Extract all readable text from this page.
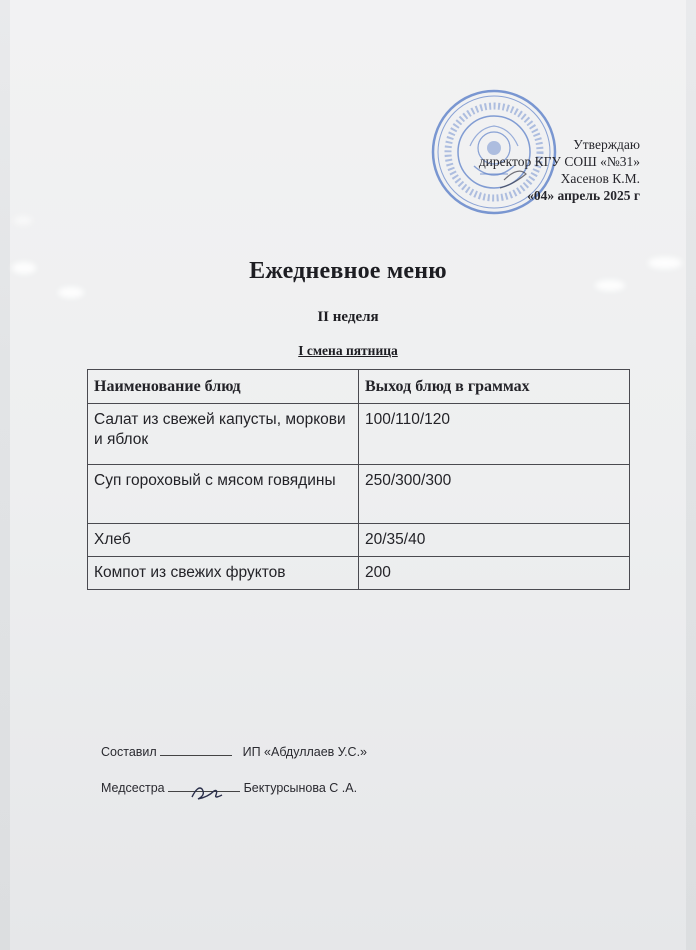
Утверждаю
директор КГУ СОШ «№31»
Хасенов К.М.
«04» апрель 2025 г
Ежедневное меню
II неделя
I смена пятница
Наименование блюд	Выход блюд в граммах
Салат из свежей капусты, моркови и яблок	100/110/120
Суп гороховый с мясом говядины	250/300/300
Хлеб	20/35/40
Компот из свежих фруктов	200
Составил	ИП «Абдуллаев У.С.»
Медсестра	Бектурсынова С .А.
